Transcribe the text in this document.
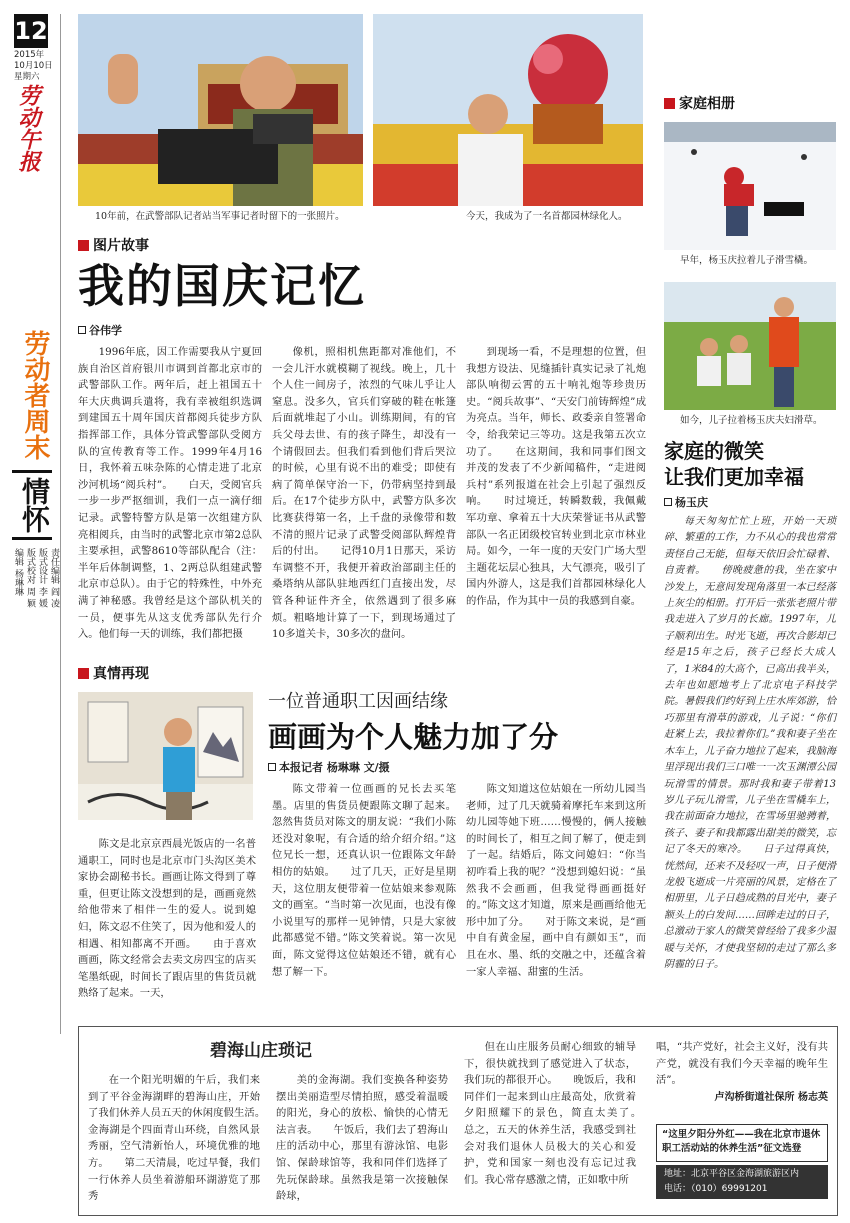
12
2015年
10月10日
星期六
劳动午报
劳动者周末
情怀
责任编辑 阎 凌
版式设计 李 媛
版式校对 周 颖
编辑 杨琳琳
10年前，在武警部队记者站当军事记者时留下的一张照片。	今天，我成为了一名首都园林绿化人。
图片故事
我的国庆记忆
谷伟学
1996年底，因工作需要我从宁夏回族自治区首府银川市调到首都北京市的武警部队工作。两年后，赶上祖国五十年大庆典调兵遣将，我有幸被组织选调到建国五十周年国庆首都阅兵徒步方队指挥部工作，具体分管武警部队受阅方队的宣传教育等工作。1999年4月16日，我怀着五味杂陈的心情走进了北京沙河机场“阅兵村”。　　白天，受阅官兵一步一步严抠细训，我们一点一滴仔细记录。武警特警方队是第一次组建方队亮相阅兵，由当时的武警北京市第2总队主要承担，武警8610等部队配合（注：半年后体制调整，1、2两总队组建武警北京市总队）。由于它的特殊性，中外充满了神秘感。我曾经是这个部队机关的一员，便事先从这支优秀部队先行介入。他们每一天的训练，我们都把摄
像机，照相机焦距都对准他们，不一会儿汗水就模糊了视线。晚上，几十个人住一间房子，浓烈的气味儿乎让人窒息。没多久，官兵们穿破的鞋在帐篷后面就堆起了小山。训练期间，有的官兵父母去世、有的孩子降生，却没有一个请假回去。但我们看到他们背后哭泣的时候，心里有说不出的难受；即使有病了简单保守治一下，仍带病坚持到最后。在17个徒步方队中，武警方队多次比赛获得第一名，上千盘的录像带和数不清的照片记录了武警受阅部队辉煌背后的付出。　　记得10月1日那天，采访车调整不开，我便开着政治部副主任的桑塔纳从部队驻地西红门直接出发，尽管各种证件齐全，依然遇到了很多麻烦。粗略地计算了一下，到现场通过了10多道关卡，30多次的盘问。
到现场一看，不是理想的位置，但我想方设法、见缝插针真实记录了礼炮部队响彻云霄的五十响礼炮等珍贵历史。“阅兵故事”、“天安门前铸辉煌”成为亮点。当年，师长、政委亲自签署命令，给我荣记三等功。这是我第五次立功了。　　在这期间，我和同事们图文并茂的发表了不少新闻稿件，“走进阅兵村”系列报道在社会上引起了强烈反响。　　时过境迁，转瞬数载，我佩戴军功章、拿着五十大庆荣誉证书从武警部队一名正团级校官转业到北京市林业局。如今，一年一度的天安门广场大型主题花坛层心独具，大气漂亮，吸引了国内外游人，这是我们首都园林绿化人的作品，作为其中一员的我感到自豪。
真情再现
一位普通职工因画结缘
画画为个人魅力加了分
本报记者 杨琳琳 文/摄
陈文是北京京西晨光饭店的一名普通职工，同时也是北京市门头沟区美术家协会副秘书长。画画让陈文得到了尊重，但更让陈文没想到的是，画画竟然给他带来了相伴一生的爱人。说到媳妇，陈文忍不住笑了，因为他和爱人的相遇、相知都离不开画。　　由于喜欢画画，陈文经常会去卖文房四宝的店买笔墨纸砚，时间长了跟店里的售货员就熟络了起来。一天，
陈文带着一位画画的兄长去买笔墨。店里的售货员便跟陈文聊了起来。忽然售货员对陈文的朋友说：“我们小陈还没对象呢，有合适的给介绍介绍。”这位兄长一想，还真认识一位跟陈文年龄相仿的姑娘。　　过了几天，正好是星期天，这位朋友便带着一位姑娘来参观陈文的画室。“当时第一次见面，也没有像小说里写的那样一见钟情，只是大家彼此都感觉不错。”陈文笑着说。第一次见面，陈文觉得这位姑娘还不错，就有心想了解一下。
陈文知道这位姑娘在一所幼儿园当老师，过了几天就骑着摩托车来到这所幼儿园等她下班……慢慢的，俩人接触的时间长了，相互之间了解了，便走到了一起。结婚后，陈文问媳妇：“你当初咋看上我的呢？”没想到媳妇说：“虽然我不会画画，但我觉得画画挺好的。”陈文这才知道，原来是画画给他无形中加了分。　　对于陈文来说，是“画中自有黄金屋，画中自有颜如玉”，而且在水、墨、纸的交融之中，还蕴含着一家人幸福、甜蜜的生活。
家庭相册
早年，杨玉庆拉着儿子滑雪橇。
如今，儿子拉着杨玉庆夫妇滑草。
家庭的微笑
让我们更加幸福
杨玉庆
每天匆匆忙忙上班，开始一天琐碎、繁重的工作，力不从心的我也常常责怪自己无能，但每天依旧会忙碌着、自责着。　　傍晚疲惫的我，坐在家中沙发上，无意间发现角落里一本已经落上灰尘的相册。打开后一张张老照片带我走进入了岁月的长廊。1997年，儿子顺利出生。时光飞逝，再次合影却已经是15年之后，孩子已经长大成人了，1米84的大高个，已高出我半头，去年也如愿地考上了北京电子科技学院。暑假我们约好到上庄水库郊游，恰巧那里有滑草的游戏，儿子说：“你们赶紧上去，我拉着你们。”我和妻子坐在木车上，儿子奋力地拉了起来，我脑海里浮现出我们三口唯一一次玉渊潭公园玩滑雪的情景。那时我和妻子带着13岁儿子玩儿滑雪，儿子坐在雪橇车上，我在前面奋力地拉，在雪场里驰骋着，孩子、妻子和我都露出甜美的微笑，忘记了冬天的寒冷。　　日子过得真快，恍然间，还来不及轻叹一声，日子便滑龙般飞逝成一片亮丽的风景，定格在了相册里，儿子日趋成熟的目光中，妻子额头上的白发间……回眸走过的日子，总激动于家人的微笑曾经给了我多少温暖与关怀，才使我坚韧的走过了那么多阴霾的日子。
碧海山庄琐记
在一个阳光明媚的午后，我们来到了平谷金海湖畔的碧海山庄，开始了我们休养人员五天的休闲度假生活。　　金海湖是个四面青山环绕，自然风景秀丽，空气清新怡人，环境优雅的地方。　　第二天清晨，吃过早餐，我们一行休养人员坐着游船环湖游览了那秀
美的金海湖。我们变换各种姿势摆出美丽造型尽情拍照，感受着温暖的阳光，身心的放松、愉快的心情无法言表。　　午饭后，我们去了碧海山庄的活动中心，那里有游泳馆、电影馆、保龄球馆等，我和同伴们选择了先玩保龄球。虽然我是第一次接触保龄球，
但在山庄服务员耐心细致的辅导下，很快就找到了感觉进入了状态，我们玩的都很开心。　　晚饭后，我和同伴们一起来到山庄最高处，欣赏着夕阳照耀下的景色，简直太美了。　　总之，五天的休养生活，我感受到社会对我们退休人员极大的关心和爱护，党和国家一刻也没有忘记过我们。我心常存感激之情，正如歌中所
唱，“共产党好，社会主义好，没有共产党，就没有我们今天幸福的晚年生活”。
卢沟桥街道社保所 杨志英
“这里夕阳分外红——我在北京市退休职工活动站的休养生活”征文选登
地址：北京平谷区金海湖旅游区内
电话：（010）69991201
